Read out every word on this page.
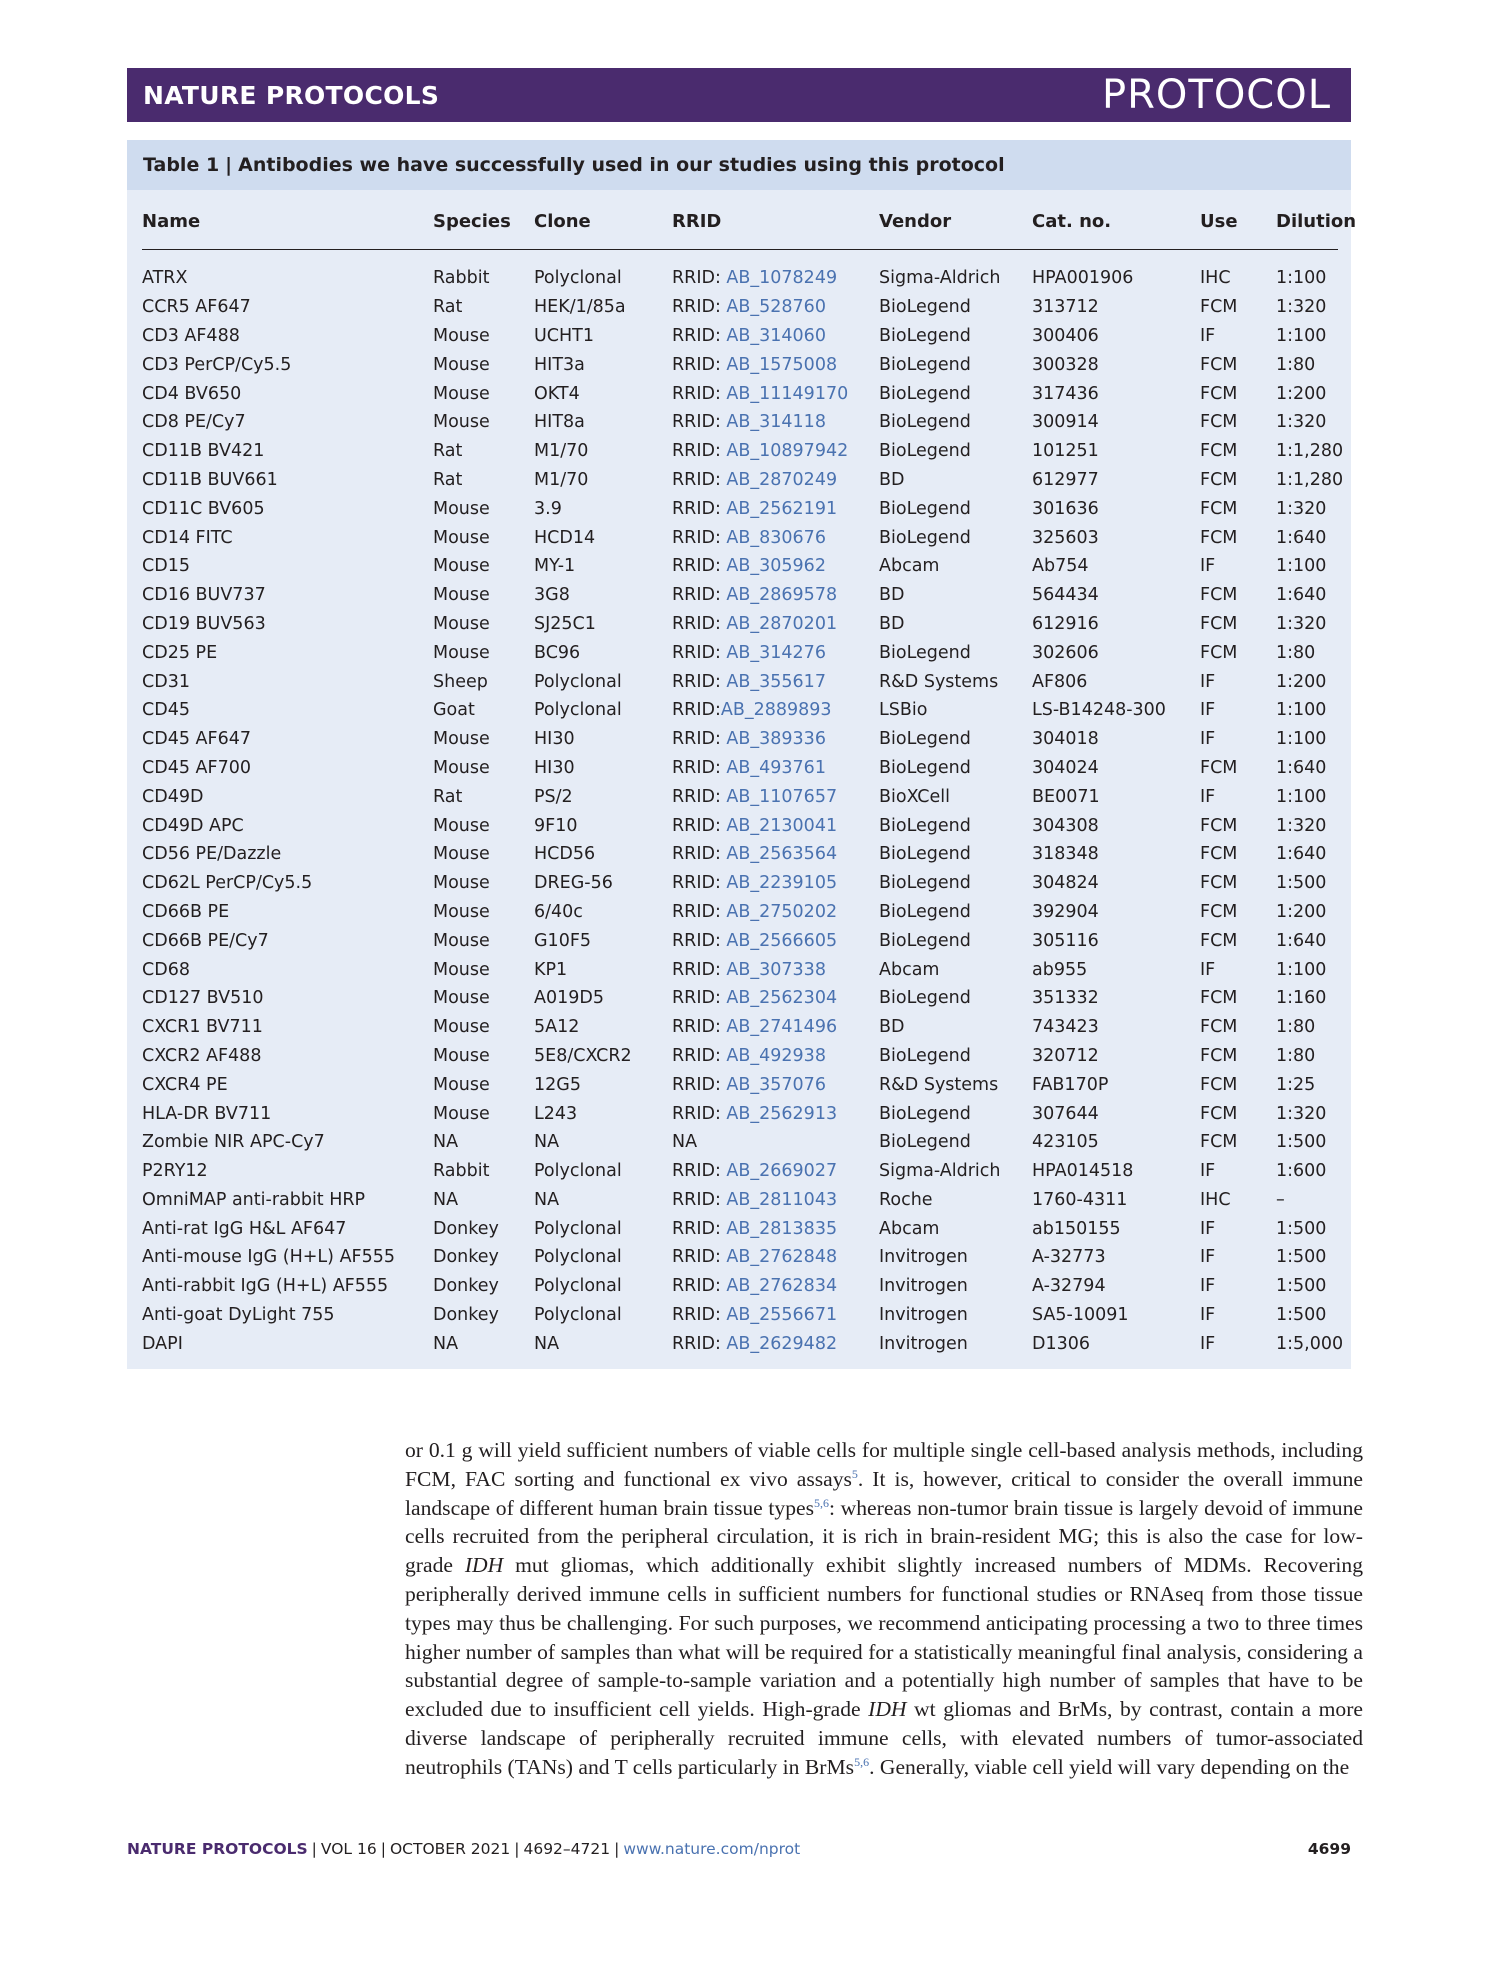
NATURE PROTOCOLS	PROTOCOL
Table 1 | Antibodies we have successfully used in our studies using this protocol
Name	Species	Clone	RRID	Vendor	Cat. no.	Use	Dilution

ATRX	Rabbit	Polyclonal	RRID: AB_1078249	Sigma-Aldrich	HPA001906	IHC	1:100
CCR5 AF647	Rat	HEK/1/85a	RRID: AB_528760	BioLegend	313712	FCM	1:320
CD3 AF488	Mouse	UCHT1	RRID: AB_314060	BioLegend	300406	IF	1:100
CD3 PerCP/Cy5.5	Mouse	HIT3a	RRID: AB_1575008	BioLegend	300328	FCM	1:80
CD4 BV650	Mouse	OKT4	RRID: AB_11149170	BioLegend	317436	FCM	1:200
CD8 PE/Cy7	Mouse	HIT8a	RRID: AB_314118	BioLegend	300914	FCM	1:320
CD11B BV421	Rat	M1/70	RRID: AB_10897942	BioLegend	101251	FCM	1:1,280
CD11B BUV661	Rat	M1/70	RRID: AB_2870249	BD	612977	FCM	1:1,280
CD11C BV605	Mouse	3.9	RRID: AB_2562191	BioLegend	301636	FCM	1:320
CD14 FITC	Mouse	HCD14	RRID: AB_830676	BioLegend	325603	FCM	1:640
CD15	Mouse	MY-1	RRID: AB_305962	Abcam	Ab754	IF	1:100
CD16 BUV737	Mouse	3G8	RRID: AB_2869578	BD	564434	FCM	1:640
CD19 BUV563	Mouse	SJ25C1	RRID: AB_2870201	BD	612916	FCM	1:320
CD25 PE	Mouse	BC96	RRID: AB_314276	BioLegend	302606	FCM	1:80
CD31	Sheep	Polyclonal	RRID: AB_355617	R&D Systems	AF806	IF	1:200
CD45	Goat	Polyclonal	RRID:AB_2889893	LSBio	LS-B14248-300	IF	1:100
CD45 AF647	Mouse	HI30	RRID: AB_389336	BioLegend	304018	IF	1:100
CD45 AF700	Mouse	HI30	RRID: AB_493761	BioLegend	304024	FCM	1:640
CD49D	Rat	PS/2	RRID: AB_1107657	BioXCell	BE0071	IF	1:100
CD49D APC	Mouse	9F10	RRID: AB_2130041	BioLegend	304308	FCM	1:320
CD56 PE/Dazzle	Mouse	HCD56	RRID: AB_2563564	BioLegend	318348	FCM	1:640
CD62L PerCP/Cy5.5	Mouse	DREG-56	RRID: AB_2239105	BioLegend	304824	FCM	1:500
CD66B PE	Mouse	6/40c	RRID: AB_2750202	BioLegend	392904	FCM	1:200
CD66B PE/Cy7	Mouse	G10F5	RRID: AB_2566605	BioLegend	305116	FCM	1:640
CD68	Mouse	KP1	RRID: AB_307338	Abcam	ab955	IF	1:100
CD127 BV510	Mouse	A019D5	RRID: AB_2562304	BioLegend	351332	FCM	1:160
CXCR1 BV711	Mouse	5A12	RRID: AB_2741496	BD	743423	FCM	1:80
CXCR2 AF488	Mouse	5E8/CXCR2	RRID: AB_492938	BioLegend	320712	FCM	1:80
CXCR4 PE	Mouse	12G5	RRID: AB_357076	R&D Systems	FAB170P	FCM	1:25
HLA-DR BV711	Mouse	L243	RRID: AB_2562913	BioLegend	307644	FCM	1:320
Zombie NIR APC-Cy7	NA	NA	NA	BioLegend	423105	FCM	1:500
P2RY12	Rabbit	Polyclonal	RRID: AB_2669027	Sigma-Aldrich	HPA014518	IF	1:600
OmniMAP anti-rabbit HRP	NA	NA	RRID: AB_2811043	Roche	1760-4311	IHC	–
Anti-rat IgG H&L AF647	Donkey	Polyclonal	RRID: AB_2813835	Abcam	ab150155	IF	1:500
Anti-mouse IgG (H+L) AF555	Donkey	Polyclonal	RRID: AB_2762848	Invitrogen	A-32773	IF	1:500
Anti-rabbit IgG (H+L) AF555	Donkey	Polyclonal	RRID: AB_2762834	Invitrogen	A-32794	IF	1:500
Anti-goat DyLight 755	Donkey	Polyclonal	RRID: AB_2556671	Invitrogen	SA5-10091	IF	1:500
DAPI	NA	NA	RRID: AB_2629482	Invitrogen	D1306	IF	1:5,000
or 0.1 g will yield sufficient numbers of viable cells for multiple single cell-based analysis methods, including FCM, FAC sorting and functional ex vivo assays$^5$. It is, however, critical to consider the overall immune landscape of different human brain tissue types$^{5,6}$: whereas non-tumor brain tissue is largely devoid of immune cells recruited from the peripheral circulation, it is rich in brain-resident MG; this is also the case for low-grade IDH mut gliomas, which additionally exhibit slightly increased numbers of MDMs. Recovering peripherally derived immune cells in sufficient numbers for functional studies or RNAseq from those tissue types may thus be challenging. For such purposes, we recommend anticipating processing a two to three times higher number of samples than what will be required for a statistically meaningful final analysis, considering a substantial degree of sample-to-sample variation and a potentially high number of samples that have to be excluded due to insufficient cell yields. High-grade IDH wt gliomas and BrMs, by contrast, contain a more diverse landscape of peripherally recruited immune cells, with elevated numbers of tumor-associated neutrophils (TANs) and T cells particularly in BrMs$^{5,6}$. Generally, viable cell yield will vary depending on the
NATURE PROTOCOLS | VOL 16 | OCTOBER 2021 | 4692–4721 | www.nature.com/nprot	4699
